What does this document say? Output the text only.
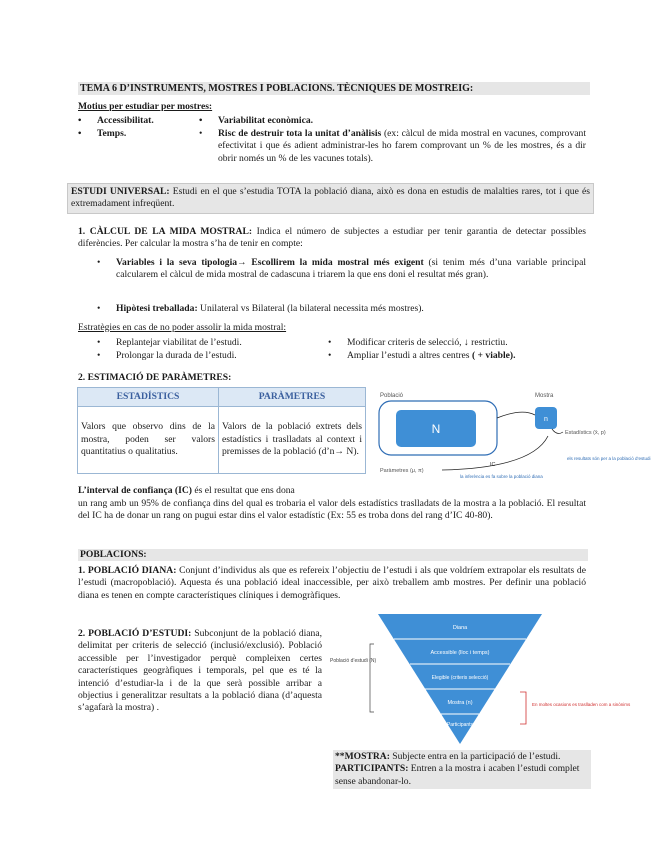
TEMA 6 D’INSTRUMENTS, MOSTRES I POBLACIONS. TÈCNIQUES DE MOSTREIG:
Motius per estudiar per mostres:
• Accessibilitat.
• Temps.
• Variabilitat econòmica.
• Risc de destruir tota la unitat d’anàlisis (ex: càlcul de mida mostral en vacunes, comprovant efectivitat i que és adient administrar-les ho farem comprovant un % de les mostres, és a dir obrir només un % de les vacunes totals).
ESTUDI UNIVERSAL: Estudi en el que s’estudia TOTA la població diana, això es dona en estudis de malalties rares, tot i que és extremadament infreqüent.
1. CÀLCUL DE LA MIDA MOSTRAL: Indica el número de subjectes a estudiar per tenir garantia de detectar possibles diferències. Per calcular la mostra s’ha de tenir en compte:
• Variables i la seva tipologia→ Escollirem la mida mostral més exigent (si tenim més d’una variable principal calcularem el càlcul de mida mostral de cadascuna i triarem la que ens doni el resultat més gran).
• Hipòtesi treballada: Unilateral vs Bilateral (la bilateral necessita més mostres).
Estratègies en cas de no poder assolir la mida mostral:
• Replantejar viabilitat de l’estudi.
• Prolongar la durada de l’estudi.
• Modificar criteris de selecció, ↓ restrictiu.
• Ampliar l’estudi a altres centres ( + viable).
2. ESTIMACIÓ DE PARÀMETRES:
ESTADÍSTICS	PARÀMETRES
Valors que observo dins de la mostra, poden ser valors quantitatius o qualitatius.	Valors de la població extrets dels estadístics i traslladats al context i premisses de la població (d’n→ N).
Població
N
Mostra
n
Estadístics (x̄, p)
IC
Paràmetres (μ, π)
la inferència es fa sobre la població diana
els resultats són per a la població d’estudi
L’interval de confiança (IC) és el resultat que ens dona
un rang amb un 95% de confiança dins del qual es trobaria el valor dels estadístics traslladats de la mostra a la població. El resultat del IC ha de donar un rang on pugui estar dins el valor estadístic (Ex: 55 es troba dons del rang d’IC 40-80).
POBLACIONS:
1. POBLACIÓ DIANA: Conjunt d’individus als que es refereix l’objectiu de l’estudi i als que voldríem extrapolar els resultats de l’estudi (macropoblació). Aquesta és una població ideal inaccessible, per això treballem amb mostres. Per definir una població diana es tenen en compte característiques clíniques i demogràfiques.
2. POBLACIÓ D’ESTUDI: Subconjunt de la població diana, delimitat per criteris de selecció (inclusió/exclusió). Població accessible per l’investigador perquè compleixen certes característiques geogràfiques i temporals, pel que es té la intenció d’estudiar-la i de la que serà possible arribar a objectius i generalitzar resultats a la població diana (d’aquesta s’agafarà la mostra) .
Diana
Accessible (lloc i temps)
Elegible (criteris selecció)
Mostra (n)
Participants
Població d’estudi (N)
En moltes ocasions es traslladen com a sinònims
**MOSTRA: Subjecte entra en la participació de l’estudi.
PARTICIPANTS: Entren a la mostra i acaben l’estudi complet sense abandonar-lo.
